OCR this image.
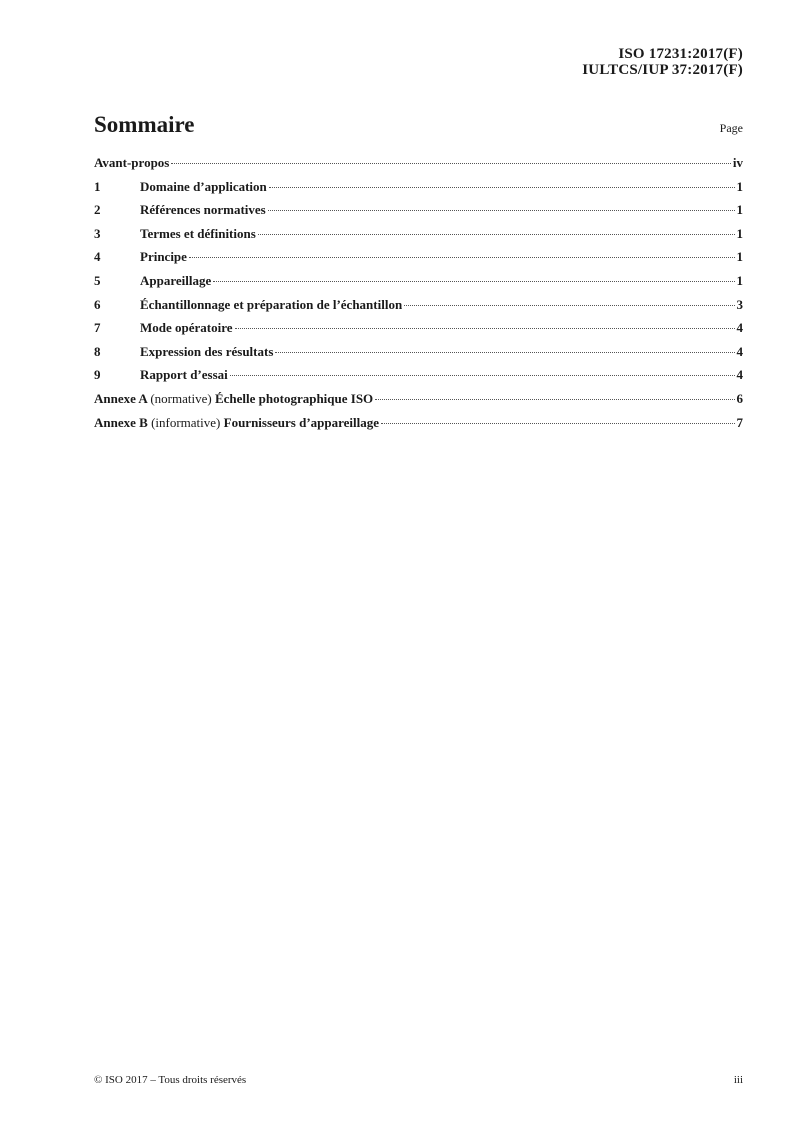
ISO 17231:2017(F)
IULTCS/IUP 37:2017(F)
Sommaire	Page
Avant-propos	iv
1	Domaine d’application	1
2	Références normatives	1
3	Termes et définitions	1
4	Principe	1
5	Appareillage	1
6	Échantillonnage et préparation de l’échantillon	3
7	Mode opératoire	4
8	Expression des résultats	4
9	Rapport d’essai	4
Annexe A (normative) Échelle photographique ISO	6
Annexe B (informative) Fournisseurs d’appareillage	7
© ISO 2017 – Tous droits réservés	iii
